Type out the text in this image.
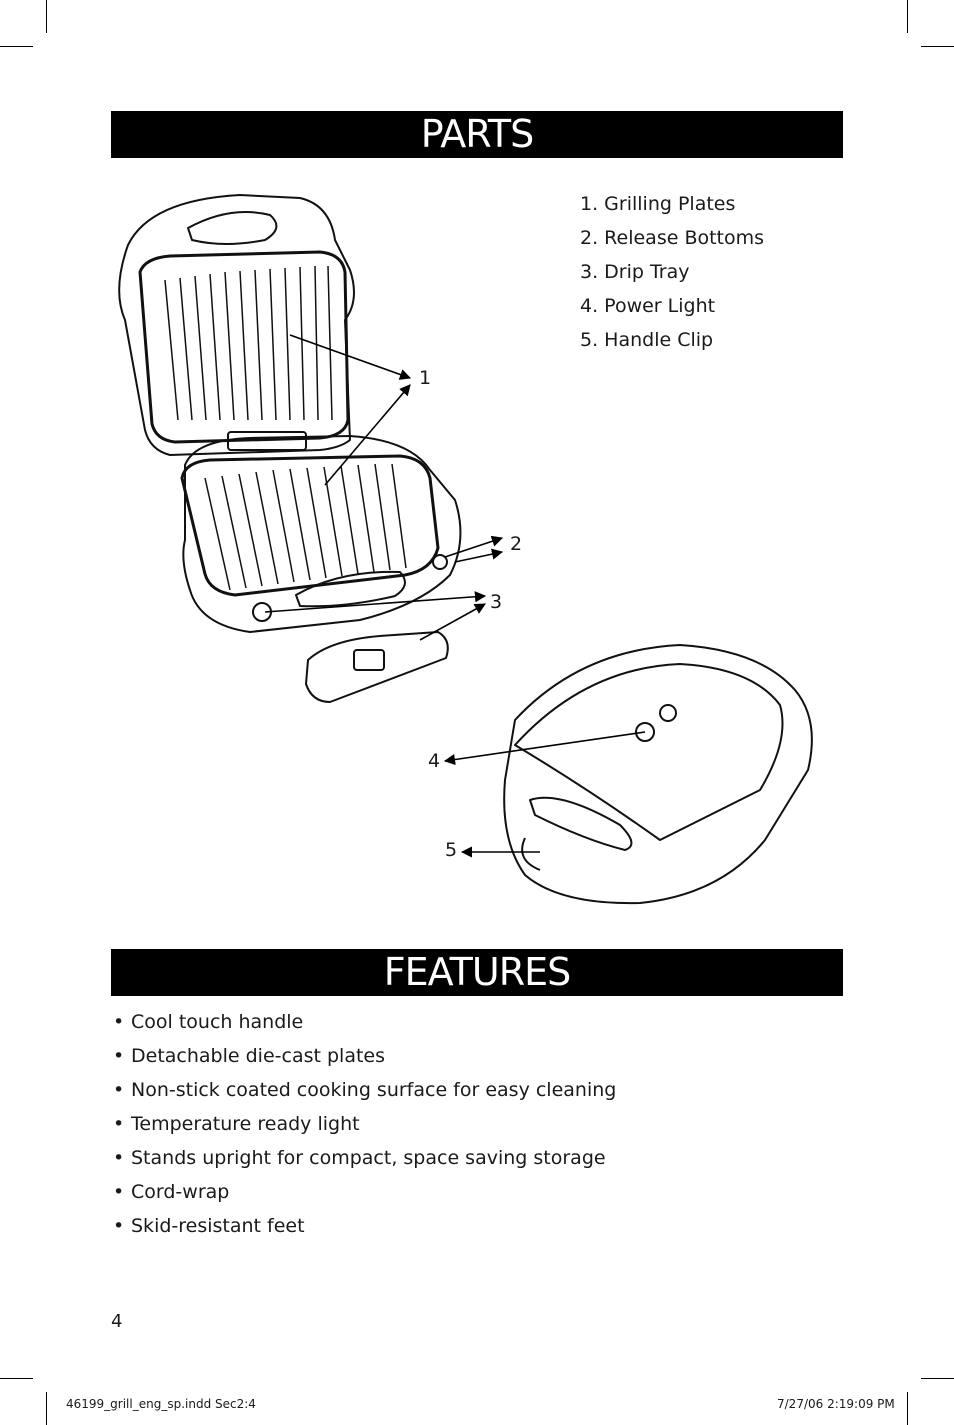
PARTS
1. Grilling Plates
2. Release Bottoms
3. Drip Tray
4. Power Light
5. Handle Clip
1
2
3
4
5
FEATURES
• Cool touch handle
• Detachable die-cast plates
• Non-stick coated cooking surface for easy cleaning
• Temperature ready light
• Stands upright for compact, space saving storage
• Cord-wrap
• Skid-resistant feet
4
46199_grill_eng_sp.indd Sec2:4	7/27/06 2:19:09 PM
